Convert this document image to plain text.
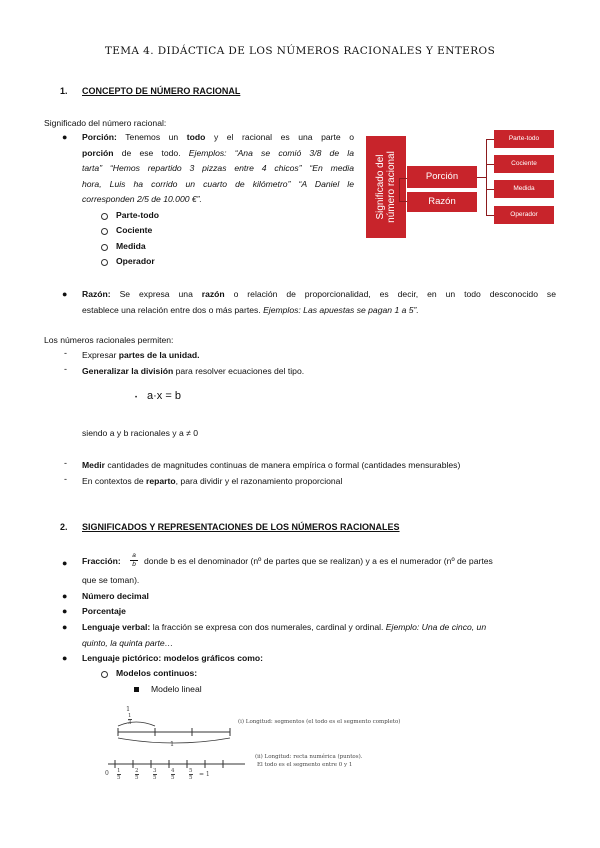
TEMA 4. DIDÁCTICA DE LOS NÚMEROS RACIONALES Y ENTEROS
1. CONCEPTO DE NÚMERO RACIONAL
Significado del número racional:
● Porción: Tenemos un todo y el racional es una parte o
porción de ese todo. Ejemplos: “Ana se comió 3/8 de la
tarta” “Hemos repartido 3 pizzas entre 4 chicos” “En media
hora, Luis ha corrido un cuarto de kilómetro” “A Daniel le
corresponden 2/5 de 10.000 €”.
Parte-todo
Cociente
Medida
Operador
Significado del
número racional	Porción
Razón
Parte-todo
Cociente
Medida
Operador
● Razón: Se expresa una razón o relación de proporcionalidad, es decir, en un todo desconocido se
establece una relación entre dos o más partes. Ejemplos: Las apuestas se pagan 1 a 5”.
Los números racionales permiten:
- Expresar partes de la unidad.
- Generalizar la división para resolver ecuaciones del tipo.
• a·x = b
siendo a y b racionales y a ≠ 0
- Medir cantidades de magnitudes continuas de manera empírica o formal (cantidades mensurables)
- En contextos de reparto, para dividir y el razonamiento proporcional
2. SIGNIFICADOS Y REPRESENTACIONES DE LOS NÚMEROS RACIONALES
● Fracción:
a
b donde b es el denominador (nº de partes que se realizan) y a es el numerador (nº de partes
que se toman).
● Número decimal
● Porcentaje
● Lenguaje verbal: la fracción se expresa con dos numerales, cardinal y ordinal. Ejemplo: Una de cinco, un
quinto, la quinta parte…
● Lenguaje pictórico: modelos gráficos como:
Modelos continuos:
Modelo lineal
1
1
3
1
(i) Longitud: segmentos (el todo es el segmento completo)
(ii) Longitud: recta numérica (puntos).
El todo es el segmento entre 0 y 1
0 1
5
2
5
3
5
4
5
5
5 = 1
